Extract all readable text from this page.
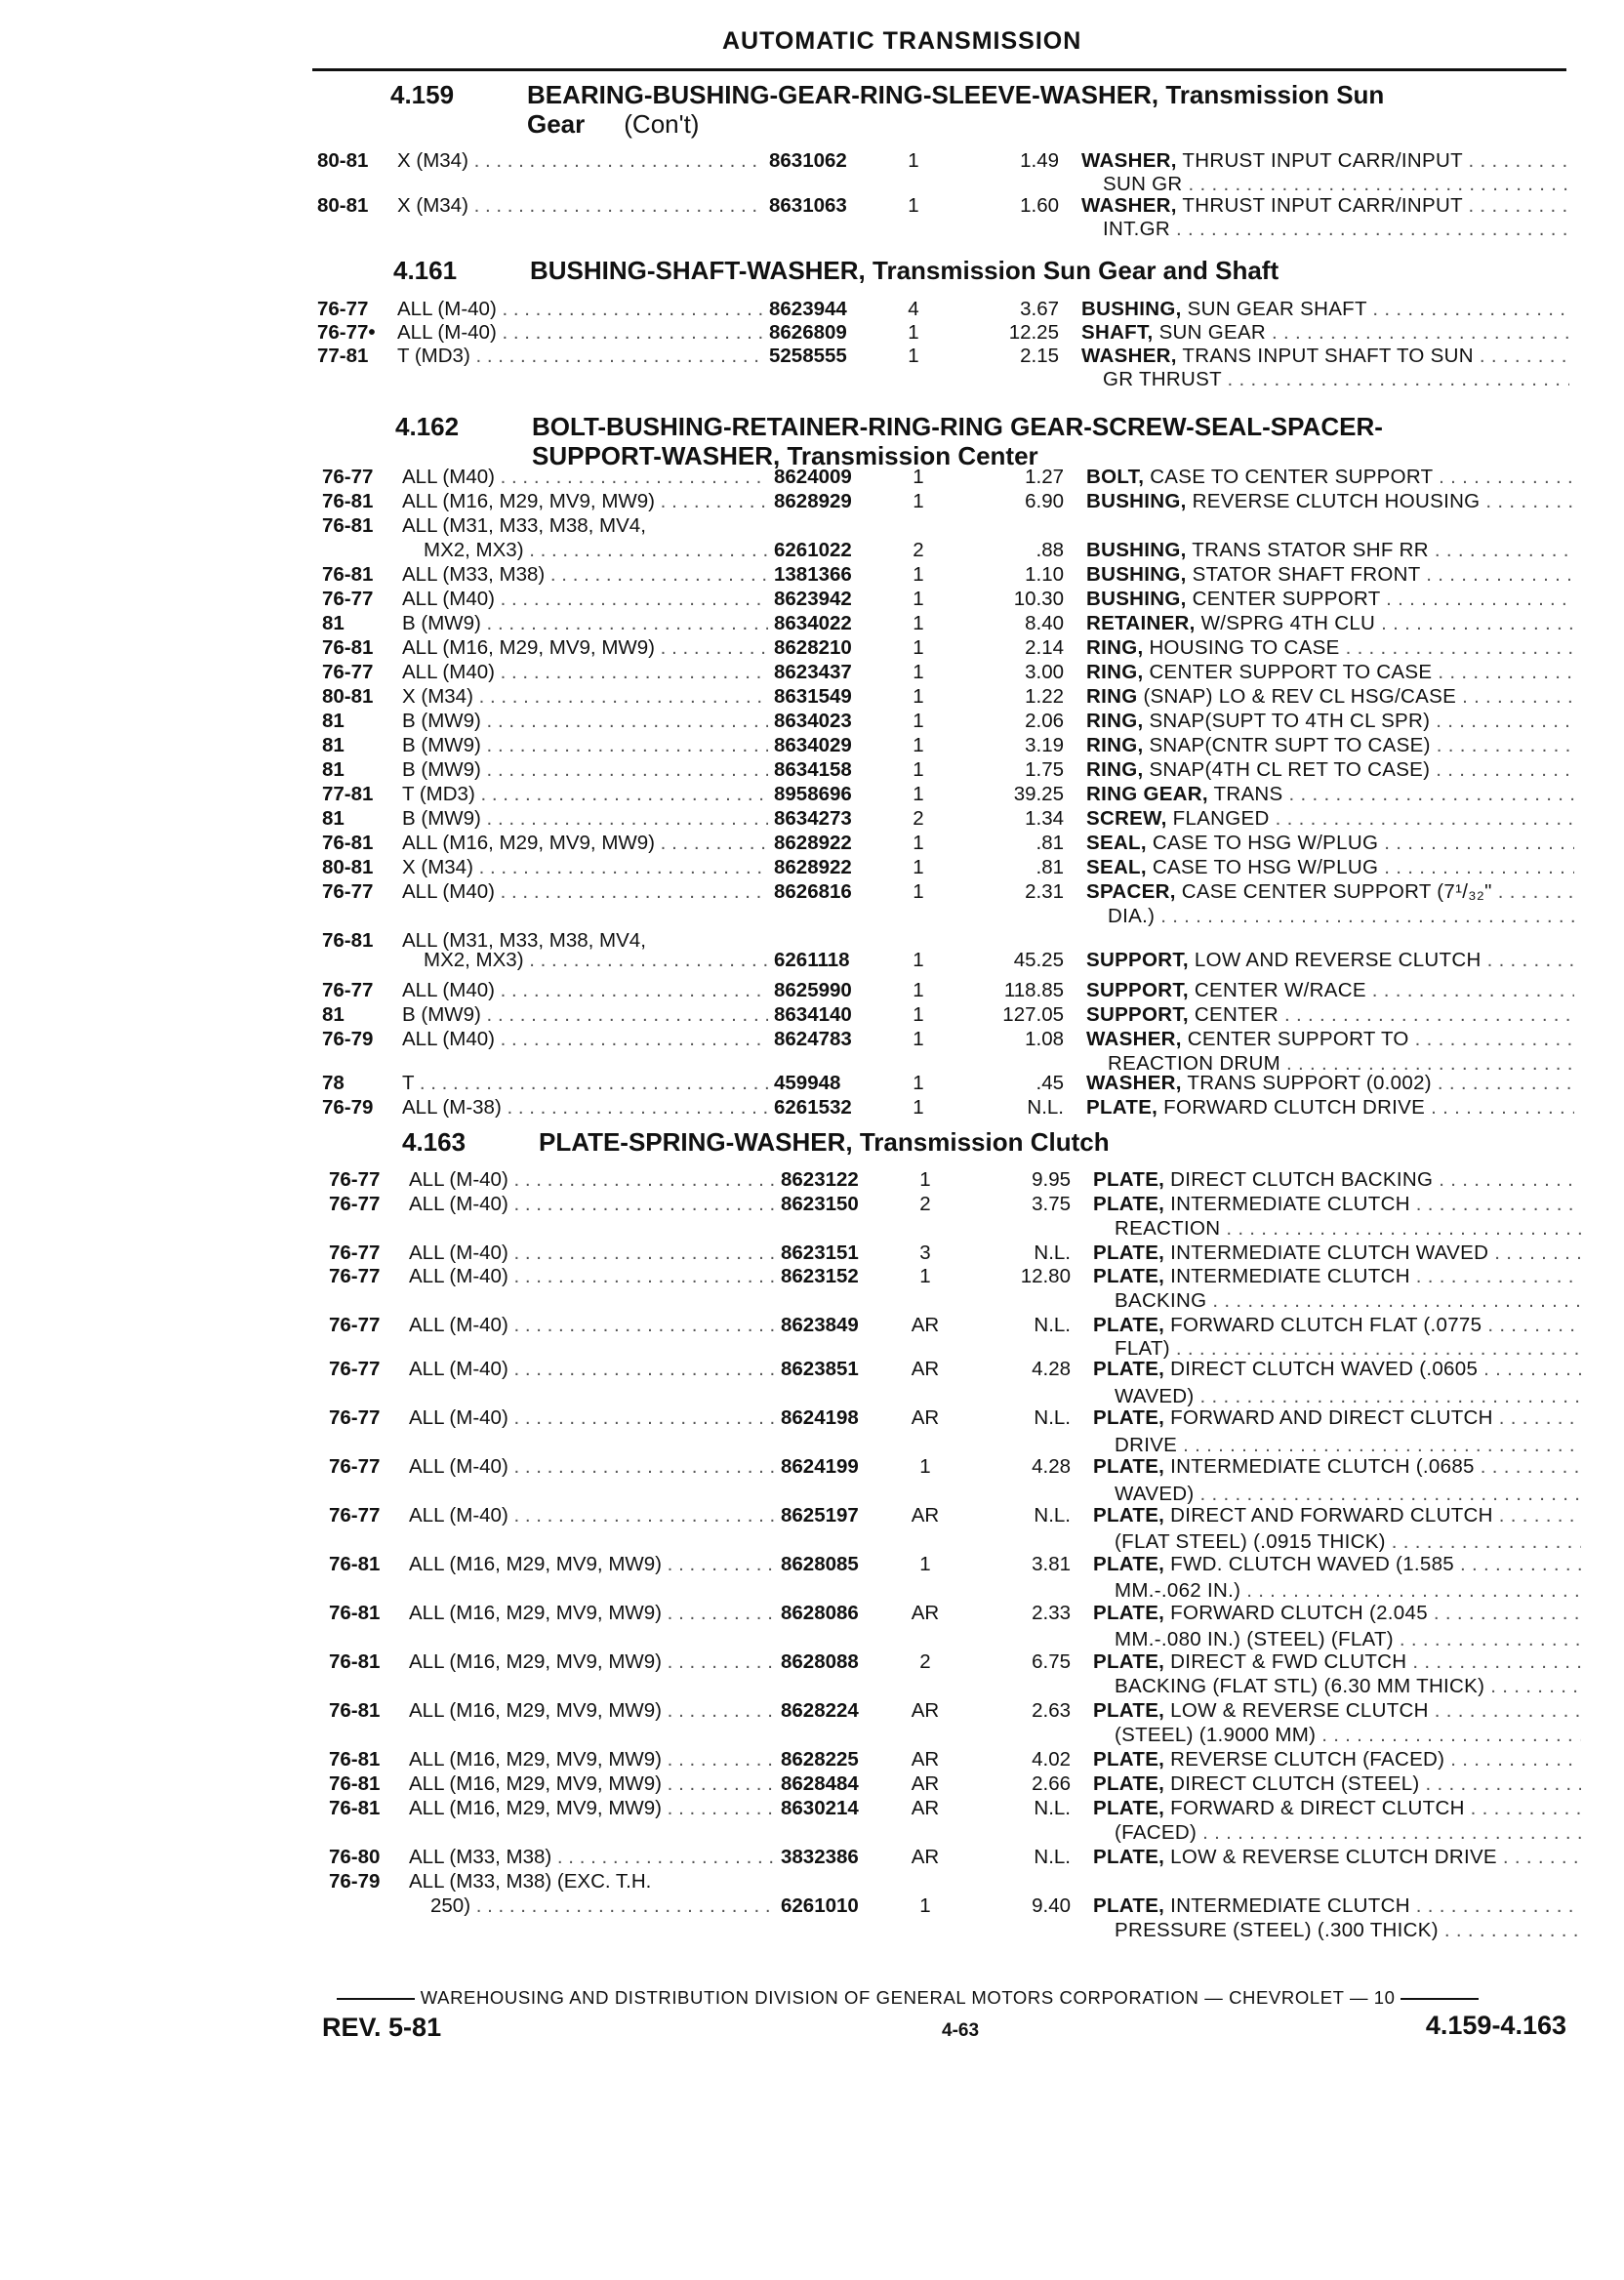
AUTOMATIC TRANSMISSION
4.159	BEARING-BUSHING-GEAR-RING-SLEEVE-WASHER, Transmission Sun
Gear (Con't)
4.161	BUSHING-SHAFT-WASHER, Transmission Sun Gear and Shaft
4.162	BOLT-BUSHING-RETAINER-RING-RING GEAR-SCREW-SEAL-SPACER-
SUPPORT-WASHER, Transmission Center
4.163	PLATE-SPRING-WASHER, Transmission Clutch
80-81 X (M34) . . .	8631062	1	1.49 WASHER, THRUST INPUT CARR/INPUT . . .
SUN GR . . .
80-81 X (M34) . . .	8631063	1	1.60 WASHER, THRUST INPUT CARR/INPUT . . .
INT.GR . . .
76-77 ALL (M-40) . . .	8623944	4	3.67 BUSHING, SUN GEAR SHAFT . . .
76-77• ALL (M-40) . . .	8626809	1	12.25 SHAFT, SUN GEAR . . .
77-81 T (MD3) . . .	5258555	1	2.15 WASHER, TRANS INPUT SHAFT TO SUN . . .
GR THRUST . . .
76-77 ALL (M40) . . .	8624009	1	1.27 BOLT, CASE TO CENTER SUPPORT . . .
76-81 ALL (M16, M29, MV9, MW9) . . .	8628929	1	6.90 BUSHING, REVERSE CLUTCH HOUSING . . .
76-81 ALL (M31, M33, M38, MV4,
MX2, MX3) . . .	6261022	2	.88 BUSHING, TRANS STATOR SHF RR . . .
76-81 ALL (M33, M38) . . .	1381366	1	1.10 BUSHING, STATOR SHAFT FRONT . . .
76-77 ALL (M40) . . .	8623942	1	10.30 BUSHING, CENTER SUPPORT . . .
81	B (MW9) . . .	8634022	1	8.40 RETAINER, W/SPRG 4TH CLU . . .
76-81 ALL (M16, M29, MV9, MW9) . . .	8628210	1	2.14 RING, HOUSING TO CASE . . .
76-77 ALL (M40) . . .	8623437	1	3.00 RING, CENTER SUPPORT TO CASE . . .
80-81 X (M34) . . .	8631549	1	1.22 RING (SNAP) LO & REV CL HSG/CASE . . .
81	B (MW9) . . .	8634023	1	2.06 RING, SNAP(SUPT TO 4TH CL SPR) . . .
81	B (MW9) . . .	8634029	1	3.19 RING, SNAP(CNTR SUPT TO CASE) . . .
81	B (MW9) . . .	8634158	1	1.75 RING, SNAP(4TH CL RET TO CASE) . . .
77-81 T (MD3) . . .	8958696	1	39.25 RING GEAR, TRANS . . .
81	B (MW9) . . .	8634273	2	1.34 SCREW, FLANGED . . .
76-81 ALL (M16, M29, MV9, MW9) . . .	8628922	1	.81 SEAL, CASE TO HSG W/PLUG . . .
80-81 X (M34) . . .	8628922	1	.81 SEAL, CASE TO HSG W/PLUG . . .
76-77 ALL (M40) . . .	8626816	1	2.31 SPACER, CASE CENTER SUPPORT (7¹/₃₂" . . .
DIA.) . . .
76-81 ALL (M31, M33, M38, MV4,
MX2, MX3) . . .	6261118	1	45.25 SUPPORT, LOW AND REVERSE CLUTCH . . .
76-77 ALL (M40) . . .	8625990	1	118.85 SUPPORT, CENTER W/RACE . . .
81	B (MW9) . . .	8634140	1	127.05 SUPPORT, CENTER . . .
76-79 ALL (M40) . . .	8624783	1	1.08 WASHER, CENTER SUPPORT TO . . .
REACTION DRUM . . .
78	T . . .	459948	1	.45 WASHER, TRANS SUPPORT (0.002) . . .
76-79 ALL (M-38) . . .	6261532	1	N.L. PLATE, FORWARD CLUTCH DRIVE . . .
76-77 ALL (M-40) . . .	8623122	1	9.95 PLATE, DIRECT CLUTCH BACKING . . .
76-77 ALL (M-40) . . .	8623150	2	3.75 PLATE, INTERMEDIATE CLUTCH . . .
REACTION . . .
76-77 ALL (M-40) . . .	8623151	3	N.L. PLATE, INTERMEDIATE CLUTCH WAVED . . .
76-77 ALL (M-40) . . .	8623152	1	12.80 PLATE, INTERMEDIATE CLUTCH . . .
BACKING . . .
76-77 ALL (M-40) . . .	8623849	AR	N.L. PLATE, FORWARD CLUTCH FLAT (.0775 . . .
FLAT) . . .
76-77 ALL (M-40) . . .	8623851	AR	4.28 PLATE, DIRECT CLUTCH WAVED (.0605 . . .
WAVED) . . .
76-77 ALL (M-40) . . .	8624198	AR	N.L. PLATE, FORWARD AND DIRECT CLUTCH . . .
DRIVE . . .
76-77 ALL (M-40) . . .	8624199	1	4.28 PLATE, INTERMEDIATE CLUTCH (.0685 . . .
WAVED) . . .
76-77 ALL (M-40) . . .	8625197	AR	N.L. PLATE, DIRECT AND FORWARD CLUTCH . . .
(FLAT STEEL) (.0915 THICK) . . .
76-81 ALL (M16, M29, MV9, MW9) . . .	8628085	1	3.81 PLATE, FWD. CLUTCH WAVED (1.585 . . .
MM.-.062 IN.) . . .
76-81 ALL (M16, M29, MV9, MW9) . . .	8628086	AR	2.33 PLATE, FORWARD CLUTCH (2.045 . . .
MM.-.080 IN.) (STEEL) (FLAT) . . .
76-81 ALL (M16, M29, MV9, MW9) . . .	8628088	2	6.75 PLATE, DIRECT & FWD CLUTCH . . .
BACKING (FLAT STL) (6.30 MM THICK) . . .
76-81 ALL (M16, M29, MV9, MW9) . . .	8628224	AR	2.63 PLATE, LOW & REVERSE CLUTCH . . .
(STEEL) (1.9000 MM) . . .
76-81 ALL (M16, M29, MV9, MW9) . . .	8628225	AR	4.02 PLATE, REVERSE CLUTCH (FACED) . . .
76-81 ALL (M16, M29, MV9, MW9) . . .	8628484	AR	2.66 PLATE, DIRECT CLUTCH (STEEL) . . .
76-81 ALL (M16, M29, MV9, MW9) . . .	8630214	AR	N.L. PLATE, FORWARD & DIRECT CLUTCH . . .
(FACED) . . .
76-80 ALL (M33, M38) . . .	3832386	AR	N.L. PLATE, LOW & REVERSE CLUTCH DRIVE . . .
76-79 ALL (M33, M38) (EXC. T.H.
250) . . .	6261010	1	9.40 PLATE, INTERMEDIATE CLUTCH . . .
PRESSURE (STEEL) (.300 THICK) . . .
WAREHOUSING AND DISTRIBUTION DIVISION OF GENERAL MOTORS CORPORATION — CHEVROLET — 10
REV. 5-81	4-63	4.159-4.163
